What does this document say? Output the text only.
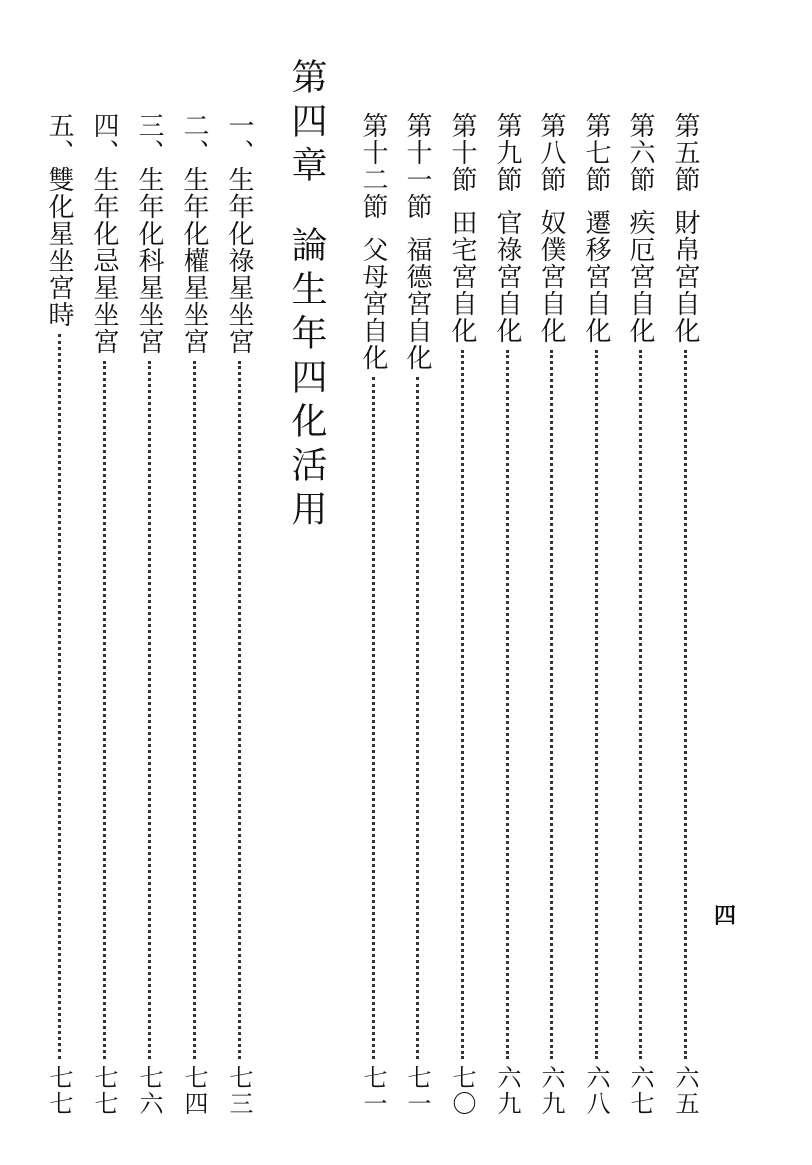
第五節財帛宮自化
六五
第六節疾厄宮自化
六七
第七節遷移宮自化
六八
第八節奴僕宮自化
六九
第九節官祿宮自化
六九
第十節田宅宮自化
七〇
第十一節福德宮自化
七一
第十二節父母宮自化
七一
第四章論生年四化活用
一、生年化祿星坐宮
七三
二、生年化權星坐宮
七四
三、生年化科星坐宮
七六
四、生年化忌星坐宮
七七
五、雙化星坐宮時
七七
四
